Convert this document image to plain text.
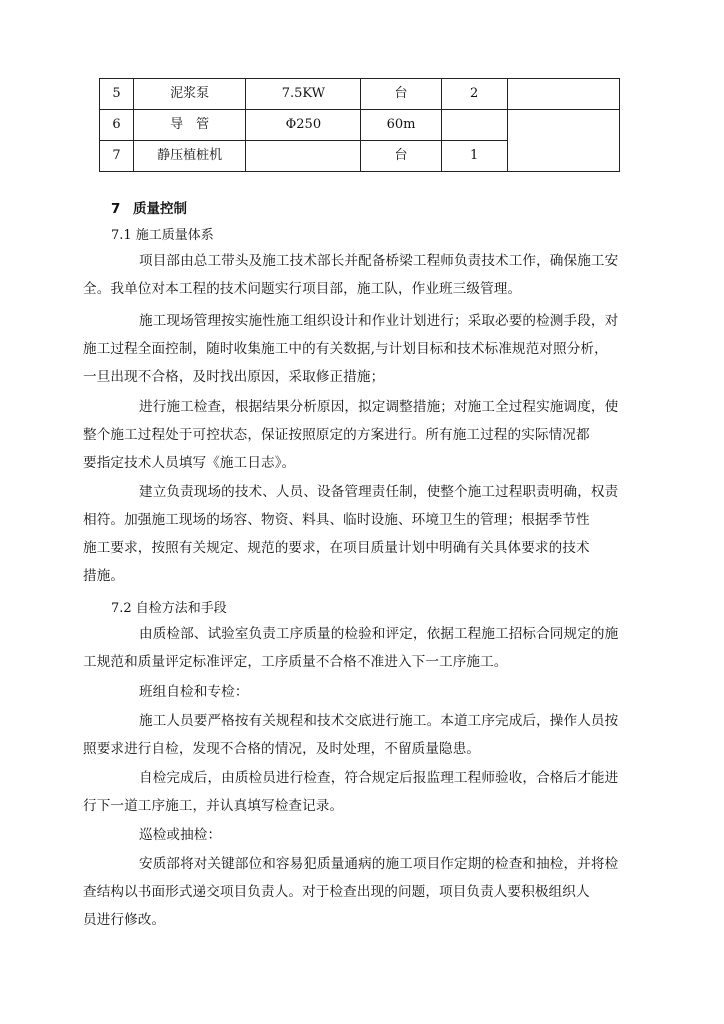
5	泥浆泵	7.5KW	台	2	
6	导　管	Φ250	60m		
7	静压植桩机		台	1	
7 质量控制
7.1 施工质量体系
项目部由总工带头及施工技术部长并配备桥梁工程师负责技术工作，确保施工安
全。我单位对本工程的技术问题实行项目部，施工队，作业班三级管理。
施工现场管理按实施性施工组织设计和作业计划进行；采取必要的检测手段，对
施工过程全面控制，随时收集施工中的有关数据,与计划目标和技术标准规范对照分析，
一旦出现不合格，及时找出原因，采取修正措施；
进行施工检查，根据结果分析原因，拟定调整措施；对施工全过程实施调度，使
整个施工过程处于可控状态，保证按照原定的方案进行。所有施工过程的实际情况都
要指定技术人员填写《施工日志》。
建立负责现场的技术、人员、设备管理责任制，使整个施工过程职责明确，权责
相符。加强施工现场的场容、物资、料具、临时设施、环境卫生的管理；根据季节性
施工要求，按照有关规定、规范的要求，在项目质量计划中明确有关具体要求的技术
措施。
7.2 自检方法和手段
由质检部、试验室负责工序质量的检验和评定，依据工程施工招标合同规定的施
工规范和质量评定标准评定，工序质量不合格不准进入下一工序施工。
班组自检和专检：
施工人员要严格按有关规程和技术交底进行施工。本道工序完成后，操作人员按
照要求进行自检，发现不合格的情况，及时处理，不留质量隐患。
自检完成后，由质检员进行检查，符合规定后报监理工程师验收，合格后才能进
行下一道工序施工，并认真填写检查记录。
巡检或抽检：
安质部将对关键部位和容易犯质量通病的施工项目作定期的检查和抽检，并将检
查结构以书面形式递交项目负责人。对于检查出现的问题，项目负责人要积极组织人
员进行修改。
